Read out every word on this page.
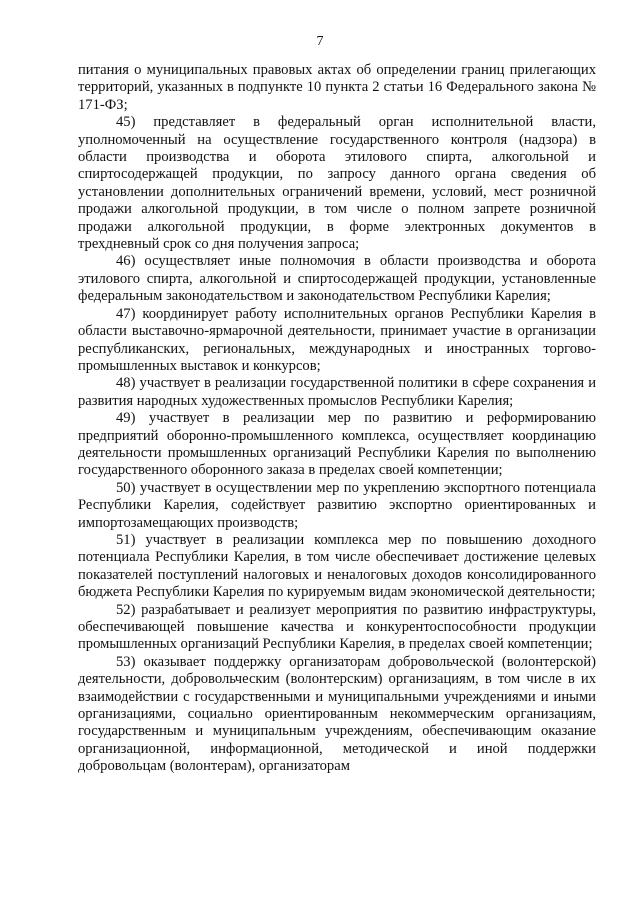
7

питания о муниципальных правовых актах об определении границ прилегающих территорий, указанных в подпункте 10 пункта 2 статьи 16 Федерального закона № 171-ФЗ;

45) представляет в федеральный орган исполнительной власти, уполномоченный на осуществление государственного контроля (надзора) в области производства и оборота этилового спирта, алкогольной и спиртосодержащей продукции, по запросу данного органа сведения об установлении дополнительных ограничений времени, условий, мест розничной продажи алкогольной продукции, в том числе о полном запрете розничной продажи алкогольной продукции, в форме электронных документов в трехдневный срок со дня получения запроса;

46) осуществляет иные полномочия в области производства и оборота этилового спирта, алкогольной и спиртосодержащей продукции, установленные федеральным законодательством и законодательством Республики Карелия;

47) координирует работу исполнительных органов Республики Карелия в области выставочно-ярмарочной деятельности, принимает участие в организации республиканских, региональных, международных и иностранных торгово-промышленных выставок и конкурсов;

48) участвует в реализации государственной политики в сфере сохранения и развития народных художественных промыслов Республики Карелия;

49) участвует в реализации мер по развитию и реформированию предприятий оборонно-промышленного комплекса, осуществляет координацию деятельности промышленных организаций Республики Карелия по выполнению государственного оборонного заказа в пределах своей компетенции;

50) участвует в осуществлении мер по укреплению экспортного потенциала Республики Карелия, содействует развитию экспортно ориентированных и импортозамещающих производств;

51) участвует в реализации комплекса мер по повышению доходного потенциала Республики Карелия, в том числе обеспечивает достижение целевых показателей поступлений налоговых и неналоговых доходов консолидированного бюджета Республики Карелия по курируемым видам экономической деятельности;

52) разрабатывает и реализует мероприятия по развитию инфраструктуры, обеспечивающей повышение качества и конкурентоспособности продукции промышленных организаций Республики Карелия, в пределах своей компетенции;

53) оказывает поддержку организаторам добровольческой (волонтерской) деятельности, добровольческим (волонтерским) организациям, в том числе в их взаимодействии с государственными и муниципальными учреждениями и иными организациями, социально ориентированным некоммерческим организациям, государственным и муниципальным учреждениям, обеспечивающим оказание организационной, информационной, методической и иной поддержки добровольцам (волонтерам), организаторам
